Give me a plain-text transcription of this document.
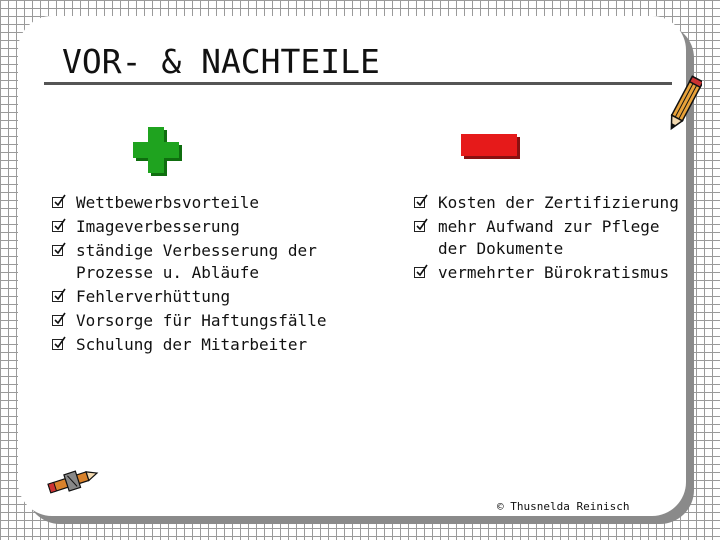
VOR- & NACHTEILE
Wettbewerbsvorteile
Imageverbesserung
ständige Verbesserung der Prozesse u. Abläufe
Fehlerverhüttung
Vorsorge für Haftungsfälle
Schulung der Mitarbeiter
Kosten der Zertifizierung
mehr Aufwand zur Pflege der Dokumente
vermehrter Bürokratismus
© Thusnelda Reinisch
